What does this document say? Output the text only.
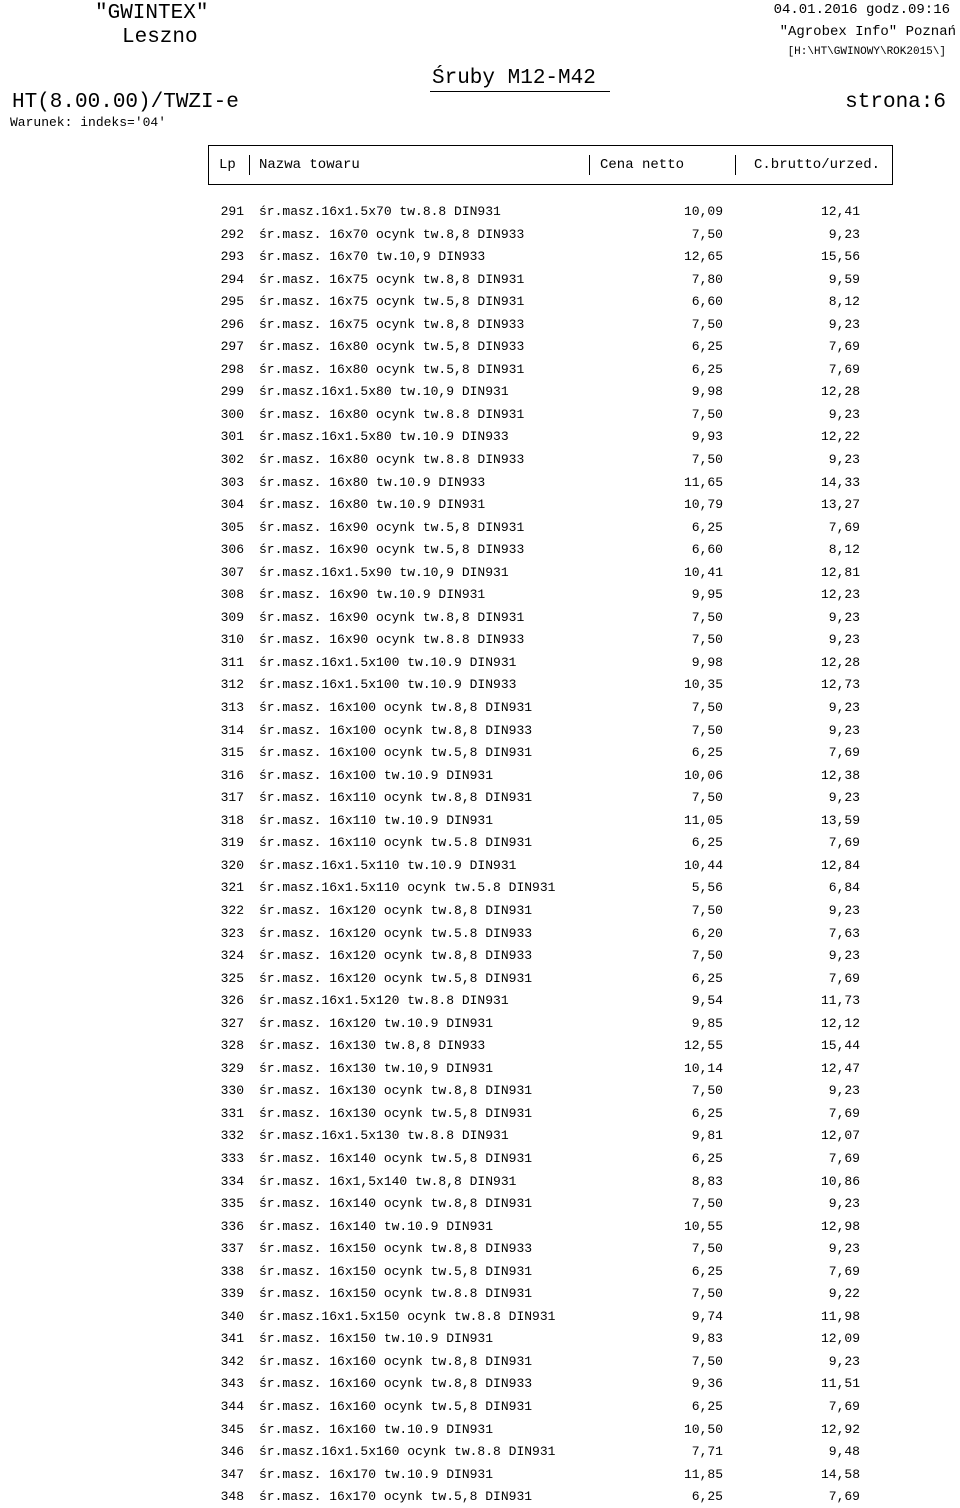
"GWINTEX"
Leszno
04.01.2016 godz.09:16
"Agrobex Info" Poznań
[H:\HT\GWINOWY\ROK2015\]
Śruby M12-M42
HT(8.00.00)/TWZI-e	strona:6
Warunek: indeks='04'
Lp Nazwa towaru	Cena netto	C.brutto/urzed.
291 śr.masz.16x1.5x70 tw.8.8 DIN931	10,09	12,41
292 śr.masz. 16x70 ocynk tw.8,8 DIN933	7,50	9,23
293 śr.masz. 16x70 tw.10,9 DIN933	12,65	15,56
294 śr.masz. 16x75 ocynk tw.8,8 DIN931	7,80	9,59
295 śr.masz. 16x75 ocynk tw.5,8 DIN931	6,60	8,12
296 śr.masz. 16x75 ocynk tw.8,8 DIN933	7,50	9,23
297 śr.masz. 16x80 ocynk tw.5,8 DIN933	6,25	7,69
298 śr.masz. 16x80 ocynk tw.5,8 DIN931	6,25	7,69
299 śr.masz.16x1.5x80 tw.10,9 DIN931	9,98	12,28
300 śr.masz. 16x80 ocynk tw.8.8 DIN931	7,50	9,23
301 śr.masz.16x1.5x80 tw.10.9 DIN933	9,93	12,22
302 śr.masz. 16x80 ocynk tw.8.8 DIN933	7,50	9,23
303 śr.masz. 16x80 tw.10.9 DIN933	11,65	14,33
304 śr.masz. 16x80 tw.10.9 DIN931	10,79	13,27
305 śr.masz. 16x90 ocynk tw.5,8 DIN931	6,25	7,69
306 śr.masz. 16x90 ocynk tw.5,8 DIN933	6,60	8,12
307 śr.masz.16x1.5x90 tw.10,9 DIN931	10,41	12,81
308 śr.masz. 16x90 tw.10.9 DIN931	9,95	12,23
309 śr.masz. 16x90 ocynk tw.8,8 DIN931	7,50	9,23
310 śr.masz. 16x90 ocynk tw.8.8 DIN933	7,50	9,23
311 śr.masz.16x1.5x100 tw.10.9 DIN931	9,98	12,28
312 śr.masz.16x1.5x100 tw.10.9 DIN933	10,35	12,73
313 śr.masz. 16x100 ocynk tw.8,8 DIN931	7,50	9,23
314 śr.masz. 16x100 ocynk tw.8,8 DIN933	7,50	9,23
315 śr.masz. 16x100 ocynk tw.5,8 DIN931	6,25	7,69
316 śr.masz. 16x100 tw.10.9 DIN931	10,06	12,38
317 śr.masz. 16x110 ocynk tw.8,8 DIN931	7,50	9,23
318 śr.masz. 16x110 tw.10.9 DIN931	11,05	13,59
319 śr.masz. 16x110 ocynk tw.5.8 DIN931	6,25	7,69
320 śr.masz.16x1.5x110 tw.10.9 DIN931	10,44	12,84
321 śr.masz.16x1.5x110 ocynk tw.5.8 DIN931	5,56	6,84
322 śr.masz. 16x120 ocynk tw.8,8 DIN931	7,50	9,23
323 śr.masz. 16x120 ocynk tw.5.8 DIN933	6,20	7,63
324 śr.masz. 16x120 ocynk tw.8,8 DIN933	7,50	9,23
325 śr.masz. 16x120 ocynk tw.5,8 DIN931	6,25	7,69
326 śr.masz.16x1.5x120 tw.8.8 DIN931	9,54	11,73
327 śr.masz. 16x120 tw.10.9 DIN931	9,85	12,12
328 śr.masz. 16x130 tw.8,8 DIN933	12,55	15,44
329 śr.masz. 16x130 tw.10,9 DIN931	10,14	12,47
330 śr.masz. 16x130 ocynk tw.8,8 DIN931	7,50	9,23
331 śr.masz. 16x130 ocynk tw.5,8 DIN931	6,25	7,69
332 śr.masz.16x1.5x130 tw.8.8 DIN931	9,81	12,07
333 śr.masz. 16x140 ocynk tw.5,8 DIN931	6,25	7,69
334 śr.masz. 16x1,5x140 tw.8,8 DIN931	8,83	10,86
335 śr.masz. 16x140 ocynk tw.8,8 DIN931	7,50	9,23
336 śr.masz. 16x140 tw.10.9 DIN931	10,55	12,98
337 śr.masz. 16x150 ocynk tw.8,8 DIN933	7,50	9,23
338 śr.masz. 16x150 ocynk tw.5,8 DIN931	6,25	7,69
339 śr.masz. 16x150 ocynk tw.8.8 DIN931	7,50	9,22
340 śr.masz.16x1.5x150 ocynk tw.8.8 DIN931	9,74	11,98
341 śr.masz. 16x150 tw.10.9 DIN931	9,83	12,09
342 śr.masz. 16x160 ocynk tw.8,8 DIN931	7,50	9,23
343 śr.masz. 16x160 ocynk tw.8,8 DIN933	9,36	11,51
344 śr.masz. 16x160 ocynk tw.5,8 DIN931	6,25	7,69
345 śr.masz. 16x160 tw.10.9 DIN931	10,50	12,92
346 śr.masz.16x1.5x160 ocynk tw.8.8 DIN931	7,71	9,48
347 śr.masz. 16x170 tw.10.9 DIN931	11,85	14,58
348 śr.masz. 16x170 ocynk tw.5,8 DIN931	6,25	7,69
